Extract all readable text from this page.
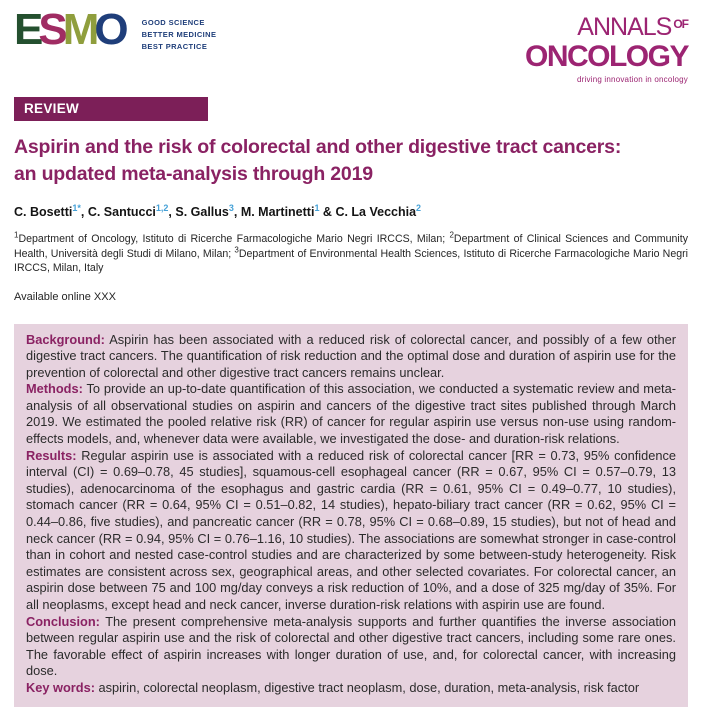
ESMO	GOOD SCIENCE
BETTER MEDICINE
BEST PRACTICE
ANNALS $^{OF}$
ONCOLOGY
driving innovation in oncology
REVIEW
Aspirin and the risk of colorectal and other digestive tract cancers:
an updated meta-analysis through 2019
C. Bosetti$^{1*}$, C. Santucci$^{1,2}$, S. Gallus$^3$, M. Martinetti$^1$ & C. La Vecchia$^2$

$^1$Department of Oncology, Istituto di Ricerche Farmacologiche Mario Negri IRCCS, Milan; $^2$Department of Clinical Sciences and Community Health, Università degli Studi di Milano, Milan; $^3$Department of Environmental Health Sciences, Istituto di Ricerche Farmacologiche Mario Negri IRCCS, Milan, Italy

Available online XXX

Background: Aspirin has been associated with a reduced risk of colorectal cancer, and possibly of a few other digestive tract cancers. The quantification of risk reduction and the optimal dose and duration of aspirin use for the prevention of colorectal and other digestive tract cancers remains unclear.

Methods: To provide an up-to-date quantification of this association, we conducted a systematic review and meta-analysis of all observational studies on aspirin and cancers of the digestive tract sites published through March 2019. We estimated the pooled relative risk (RR) of cancer for regular aspirin use versus non-use using random-effects models, and, whenever data were available, we investigated the dose- and duration-risk relations.

Results: Regular aspirin use is associated with a reduced risk of colorectal cancer [RR = 0.73, 95% confidence interval (CI) = 0.69–0.78, 45 studies], squamous-cell esophageal cancer (RR = 0.67, 95% CI = 0.57–0.79, 13 studies), adenocarcinoma of the esophagus and gastric cardia (RR = 0.61, 95% CI = 0.49–0.77, 10 studies), stomach cancer (RR = 0.64, 95% CI = 0.51–0.82, 14 studies), hepato-biliary tract cancer (RR = 0.62, 95% CI = 0.44–0.86, five studies), and pancreatic cancer (RR = 0.78, 95% CI = 0.68–0.89, 15 studies), but not of head and neck cancer (RR = 0.94, 95% CI = 0.76–1.16, 10 studies). The associations are somewhat stronger in case-control than in cohort and nested case-control studies and are characterized by some between-study heterogeneity. Risk estimates are consistent across sex, geographical areas, and other selected covariates. For colorectal cancer, an aspirin dose between 75 and 100 mg/day conveys a risk reduction of 10%, and a dose of 325 mg/day of 35%. For all neoplasms, except head and neck cancer, inverse duration-risk relations with aspirin use are found.

Conclusion: The present comprehensive meta-analysis supports and further quantifies the inverse association between regular aspirin use and the risk of colorectal and other digestive tract cancers, including some rare ones. The favorable effect of aspirin increases with longer duration of use, and, for colorectal cancer, with increasing dose.

Key words: aspirin, colorectal neoplasm, digestive tract neoplasm, dose, duration, meta-analysis, risk factor
